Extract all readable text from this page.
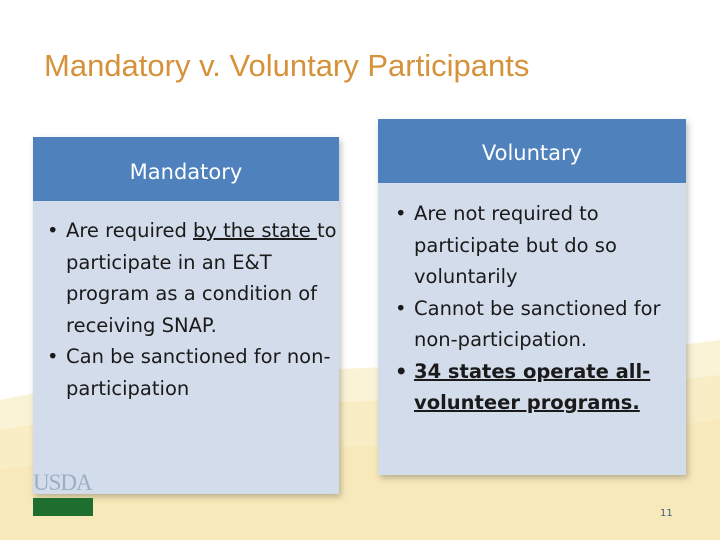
Mandatory v. Voluntary Participants
Mandatory
• Are required by the state to participate in an E&T program as a condition of receiving SNAP.
• Can be sanctioned for non-participation
Voluntary
• Are not required to participate but do so voluntarily
• Cannot be sanctioned for non-participation.
• 34 states operate all-volunteer programs.
USDA
11
